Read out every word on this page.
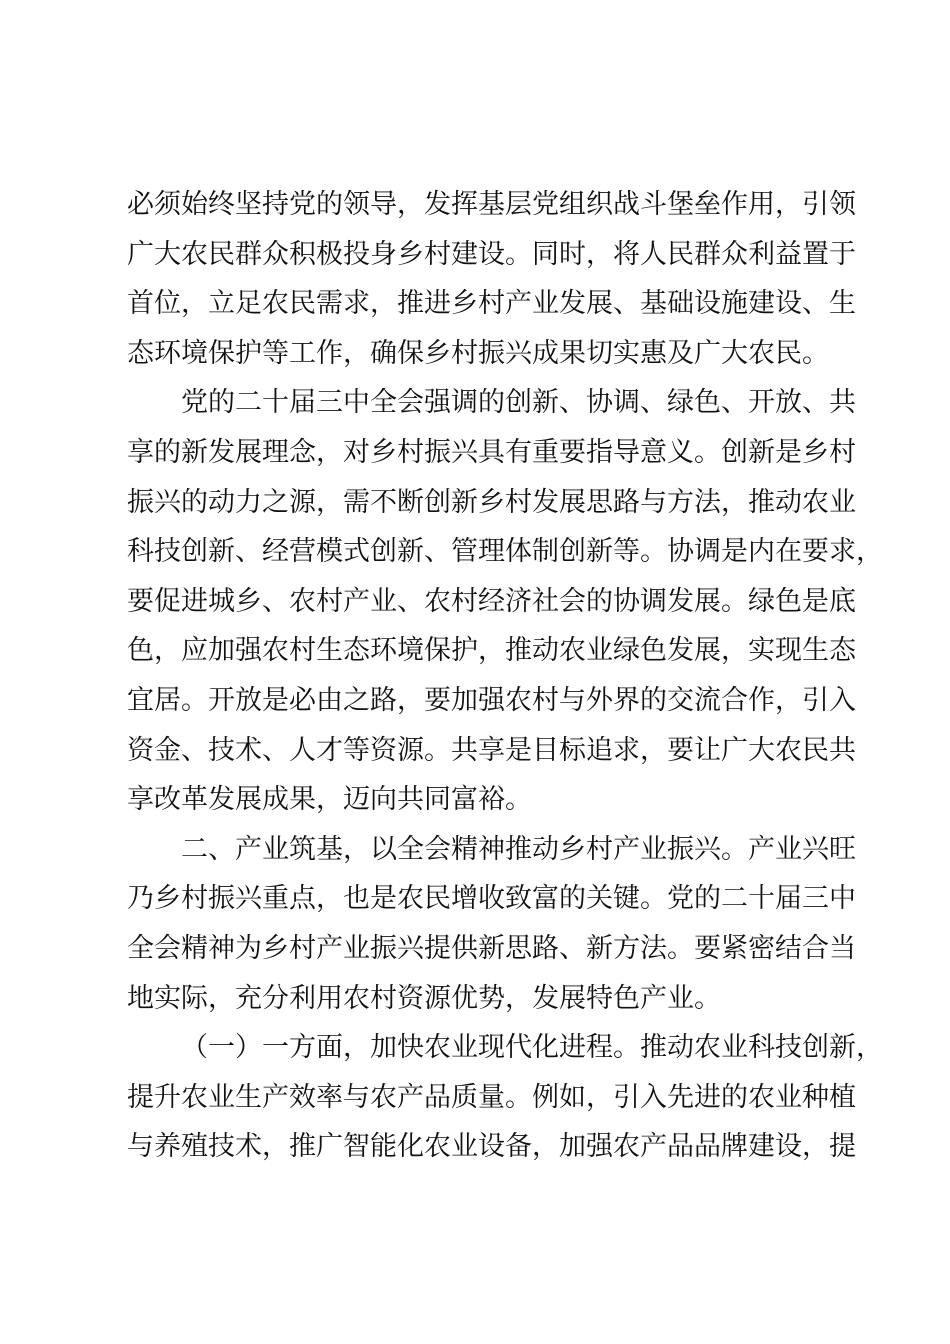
必须始终坚持党的领导，发挥基层党组织战斗堡垒作用，引领
广大农民群众积极投身乡村建设。同时，将人民群众利益置于
首位，立足农民需求，推进乡村产业发展、基础设施建设、生
态环境保护等工作，确保乡村振兴成果切实惠及广大农民。

党的二十届三中全会强调的创新、协调、绿色、开放、共
享的新发展理念，对乡村振兴具有重要指导意义。创新是乡村
振兴的动力之源，需不断创新乡村发展思路与方法，推动农业
科技创新、经营模式创新、管理体制创新等。协调是内在要求，
要促进城乡、农村产业、农村经济社会的协调发展。绿色是底
色，应加强农村生态环境保护，推动农业绿色发展，实现生态
宜居。开放是必由之路，要加强农村与外界的交流合作，引入
资金、技术、人才等资源。共享是目标追求，要让广大农民共
享改革发展成果，迈向共同富裕。

二、产业筑基，以全会精神推动乡村产业振兴。产业兴旺
乃乡村振兴重点，也是农民增收致富的关键。党的二十届三中
全会精神为乡村产业振兴提供新思路、新方法。要紧密结合当
地实际，充分利用农村资源优势，发展特色产业。

（一）一方面，加快农业现代化进程。推动农业科技创新，
提升农业生产效率与农产品质量。例如，引入先进的农业种植
与养殖技术，推广智能化农业设备，加强农产品品牌建设，提
